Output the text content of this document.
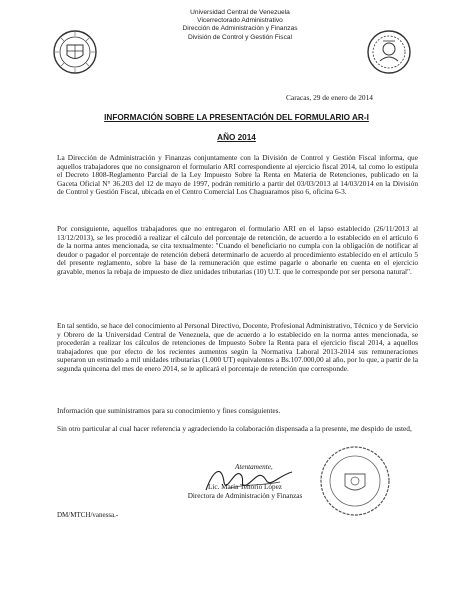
Universidad Central de Venezuela
Vicerrectorado Administrativo
Dirección de Administración y Finanzas
División de Control y Gestión Fiscal
Caracas, 29 de enero de 2014
INFORMACIÓN SOBRE LA PRESENTACIÓN DEL FORMULARIO AR-I
AÑO 2014
La Dirección de Administración y Finanzas conjuntamente con la División de Control y Gestión Fiscal informa, que aquellos trabajadores que no consignaron el formulario ARI correspondiente al ejercicio fiscal 2014, tal como lo estipula el Decreto 1808-Reglamento Parcial de la Ley Impuesto Sobre la Renta en Materia de Retenciones, publicado en la Gaceta Oficial N° 36.203 del 12 de mayo de 1997, podrán remitirlo a partir del 03/03/2013 al 14/03/2014 en la División de Control y Gestión Fiscal, ubicada en el Centro Comercial Los Chaguaramos piso 6, oficina 6-3.
Por consiguiente, aquellos trabajadores que no entregaron el formulario ARI en el lapso establecido (26/11/2013 al 13/12/2013), se les procedió a realizar el cálculo del porcentaje de retención, de acuerdo a lo establecido en el artículo 6 de la norma antes mencionada, se cita textualmente: "Cuando el beneficiario no cumpla con la obligación de notificar al deudor o pagador el porcentaje de retención deberá determinarlo de acuerdo al procedimiento establecido en el artículo 5 del presente reglamento, sobre la base de la remuneración que estime pagarle o abonarle en cuenta en el ejercicio gravable, menos la rebaja de impuesto de diez unidades tributarias (10) U.T. que le corresponde por ser persona natural".
En tal sentido, se hace del conocimiento al Personal Directivo, Docente, Profesional Administrativo, Técnico y de Servicio y Obrero de la Universidad Central de Venezuela, que de acuerdo a lo establecido en la norma antes mencionada, se procederán a realizar los cálculos de retenciones de Impuesto Sobre la Renta para el ejercicio fiscal 2014, a aquellos trabajadores que por efecto de los recientes aumentos según la Normativa Laboral 2013-2014 sus remuneraciones superaron un estimado a mil unidades tributarias (1.000 UT) equivalentes a Bs.107.000,00 al año, por lo que, a partir de la segunda quincena del mes de enero 2014, se le aplicará el porcentaje de retención que corresponde.
Información que suministramos para su conocimiento y fines consiguientes.
Sin otro particular al cual hacer referencia y agradeciendo la colaboración dispensada a la presente, me despido de usted,
Atentamente,
Lic. María Tenorio López
Directora de Administración y Finanzas
DM/MTCH/vanessa.-
